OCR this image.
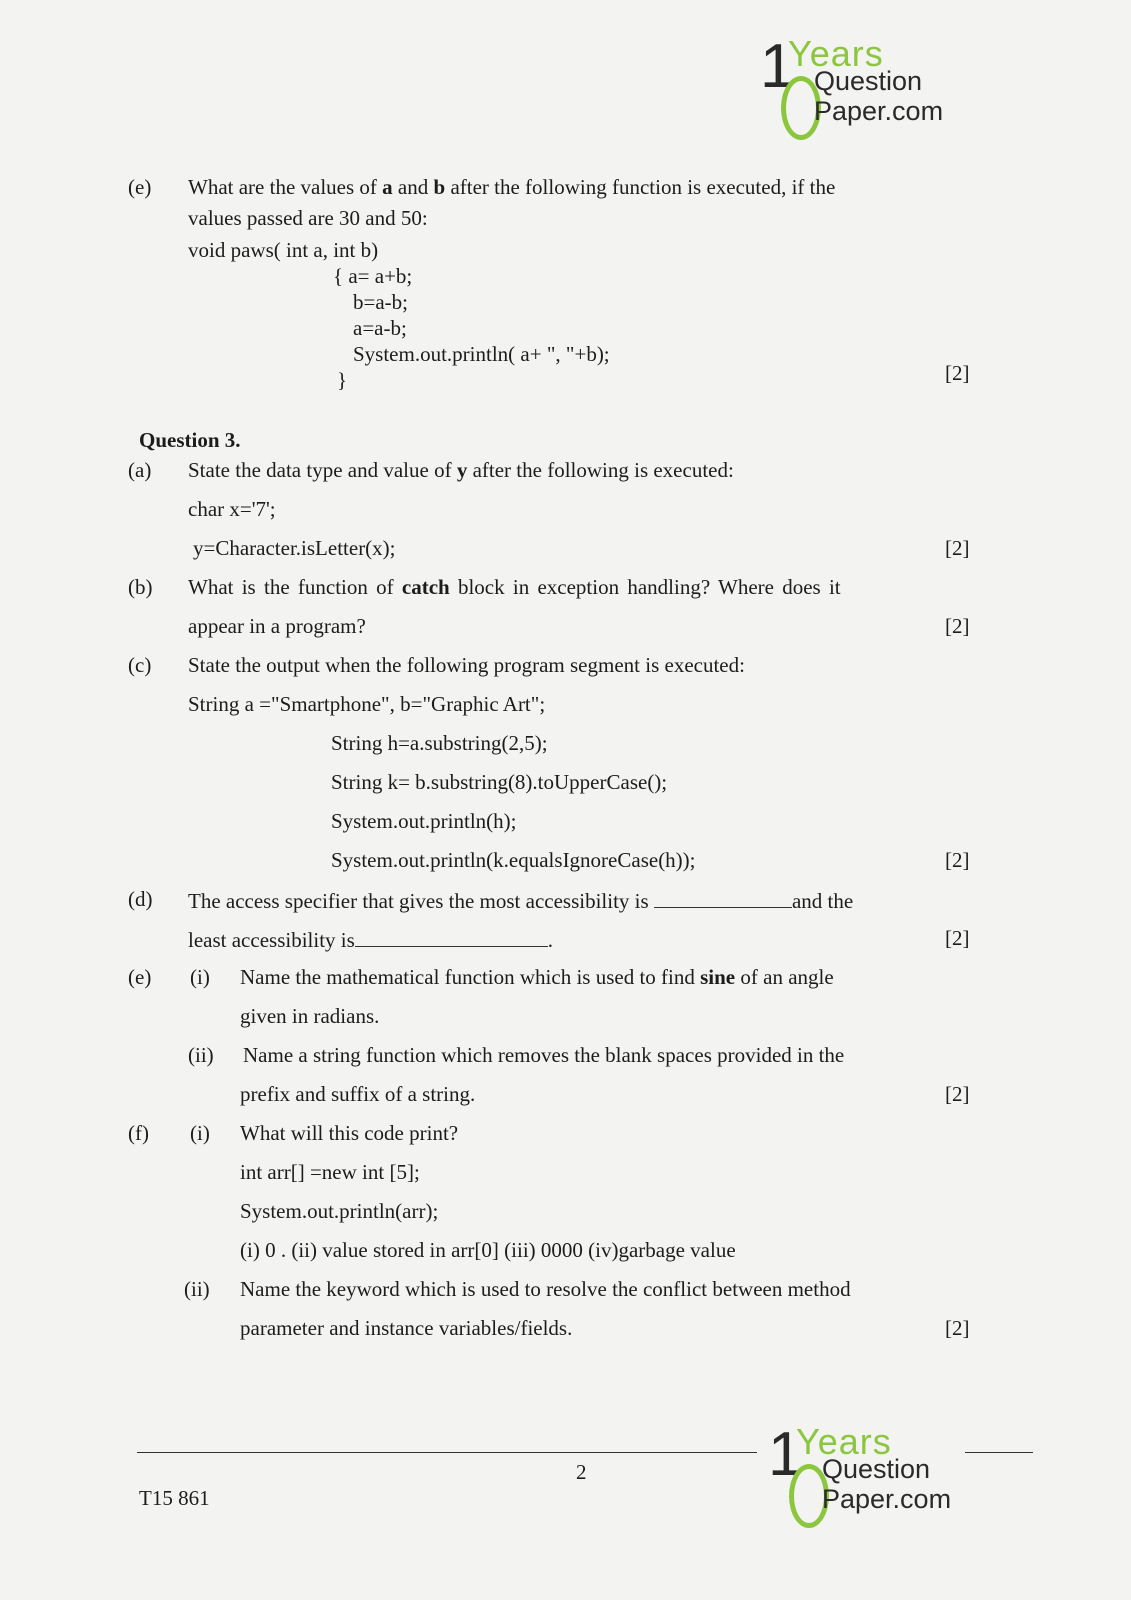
1
Years
Question
Paper.com
(e) What are the values of a and b after the following function is executed, if the
values passed are 30 and 50:
void paws( int a, int b)
{ a= a+b;
b=a-b;
a=a-b;
System.out.println( a+ ", "+b);
}	[2]
Question 3.
(a) State the data type and value of y after the following is executed:
char x='7';
y=Character.isLetter(x);	[2]
(b) What is the function of catch block in exception handling? Where does it
appear in a program?	[2]
(c) State the output when the following program segment is executed:
String a ="Smartphone", b="Graphic Art";
String h=a.substring(2,5);
String k= b.substring(8).toUpperCase();
System.out.println(h);
System.out.println(k.equalsIgnoreCase(h));	[2]
(d) The access specifier that gives the most accessibility is	and the
least accessibility is	.	[2]
(e) (i) Name the mathematical function which is used to find sine of an angle
given in radians.
(ii) Name a string function which removes the blank spaces provided in the
prefix and suffix of a string.	[2]
(f) (i) What will this code print?
int arr[] =new int [5];
System.out.println(arr);
(i) 0 . (ii) value stored in arr[0] (iii) 0000 (iv)garbage value
(ii) Name the keyword which is used to resolve the conflict between method
parameter and instance variables/fields.	[2]
2
T15 861
1
Years
Question
Paper.com
